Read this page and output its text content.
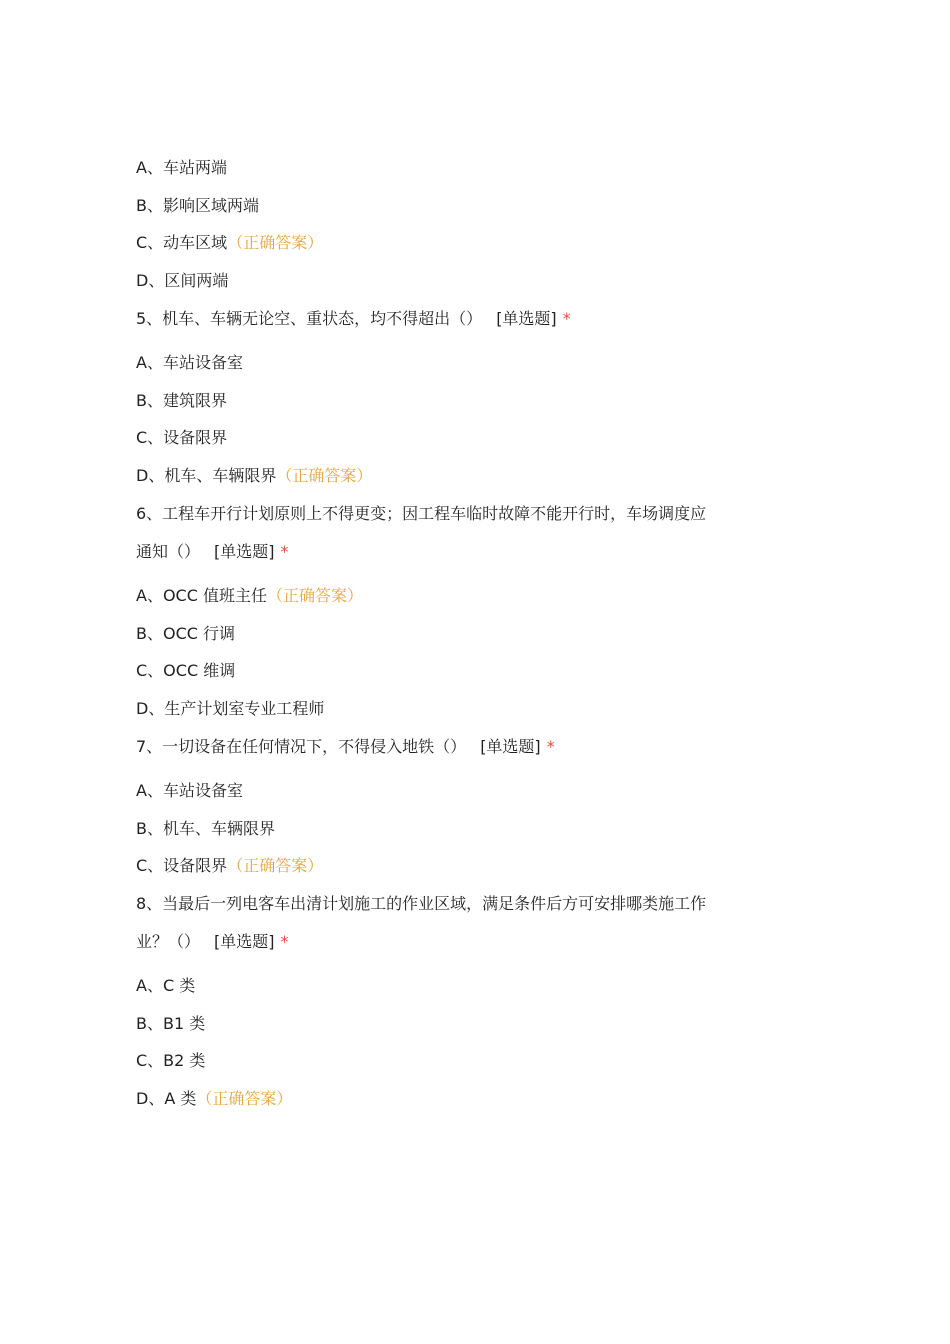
A、车站两端
B、影响区域两端
C、动车区域（正确答案）
D、区间两端
5、机车、车辆无论空、重状态，均不得超出（） [单选题] *
A、车站设备室
B、建筑限界
C、设备限界
D、机车、车辆限界（正确答案）
6、工程车开行计划原则上不得更变；因工程车临时故障不能开行时，车场调度应
通知（） [单选题] *
A、OCC 值班主任（正确答案）
B、OCC 行调
C、OCC 维调
D、生产计划室专业工程师
7、一切设备在任何情况下，不得侵入地铁（） [单选题] *
A、车站设备室
B、机车、车辆限界
C、设备限界（正确答案）
8、当最后一列电客车出清计划施工的作业区域，满足条件后方可安排哪类施工作
业？（） [单选题] *
A、C 类
B、B1 类
C、B2 类
D、A 类（正确答案）
